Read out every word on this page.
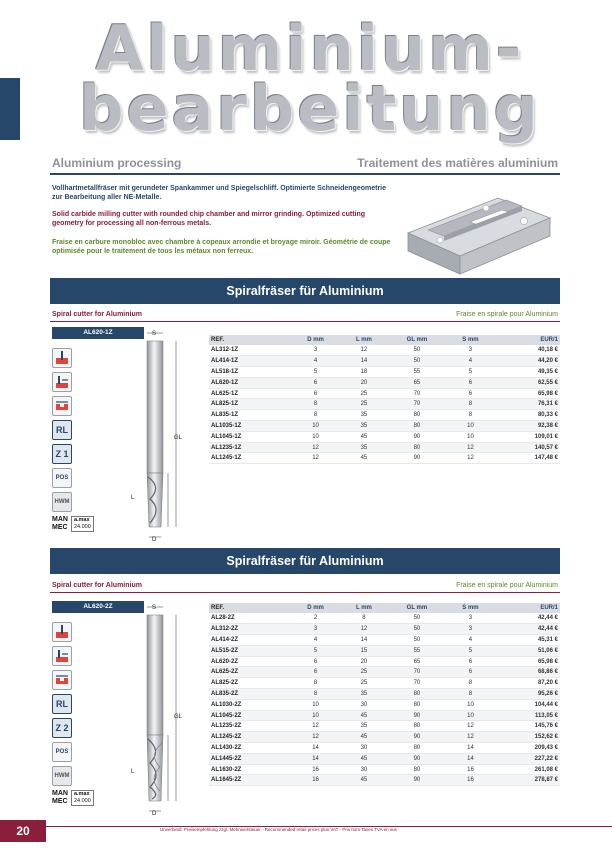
Aluminium-
bearbeitung
Aluminium processing	Traitement des matières aluminium

Vollhartmetallfräser mit gerundeter Spankammer und Spiegelschliff. Optimierte Schneidengeometrie zur Bearbeitung aller NE-Metalle.

Solid carbide milling cutter with rounded chip chamber and mirror grinding. Optimized cutting geometry for processing all non-ferrous metals.

Fraise en carbure monobloc avec chambre à copeaux arrondie et broyage miroir. Géométrie de coupe optimisée pour le traitement de tous les métaux non ferreux.

Spiralfräser für Aluminium
Spiral cutter for Aluminium	Fraise en spirale pour Aluminium
AL620-1Z
RL
Z 1
POS
HWM
MAN
MEC
a.max
24.000
S
GL
L
D
REF.	D mm	L mm	GL mm	S mm	EUR/1
AL312-1Z	3	12	50	3	40,18 €
AL414-1Z	4	14	50	4	44,20 €
AL518-1Z	5	18	55	5	49,35 €
AL620-1Z	6	20	65	6	62,55 €
AL625-1Z	6	25	70	6	65,98 €
AL825-1Z	8	25	70	8	76,31 €
AL835-1Z	8	35	80	8	80,33 €
AL1035-1Z	10	35	80	10	92,38 €
AL1045-1Z	10	45	90	10	109,01 €
AL1235-1Z	12	35	80	12	140,57 €
AL1245-1Z	12	45	90	12	147,48 €
Spiralfräser für Aluminium
Spiral cutter for Aluminium	Fraise en spirale pour Aluminium
AL620-2Z
RL
Z 2
POS
HWM
MAN
MEC
a.max
24.000
S
GL
L
D
REF.	D mm	L mm	GL mm	S mm	EUR/1
AL28-2Z	2	8	50	3	42,44 €
AL312-2Z	3	12	50	3	42,44 €
AL414-2Z	4	14	50	4	45,31 €
AL515-2Z	5	15	55	5	51,06 €
AL620-2Z	6	20	65	6	65,98 €
AL625-2Z	6	25	70	6	68,86 €
AL825-2Z	8	25	70	8	87,20 €
AL835-2Z	8	35	80	8	95,26 €
AL1030-2Z	10	30	80	10	104,44 €
AL1045-2Z	10	45	90	10	113,05 €
AL1235-2Z	12	35	80	12	145,76 €
AL1245-2Z	12	45	90	12	152,62 €
AL1430-2Z	14	30	80	14	209,43 €
AL1445-2Z	14	45	90	14	227,22 €
AL1630-2Z	16	30	80	16	261,08 €
AL1645-2Z	16	45	90	16	278,87 €
20	Unverbindl. Preisempfehlung zzgl. Mehrwertsteuer - Recommended retail prices plus VAT - Prix hors Taxes TVA en sus
